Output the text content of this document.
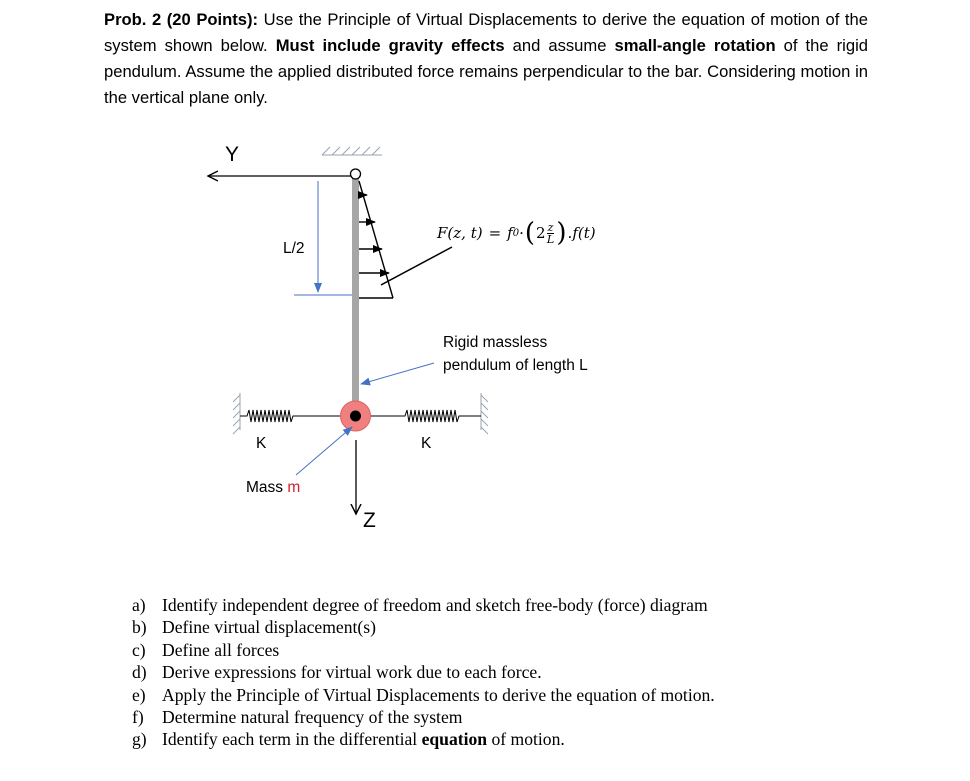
Prob. 2 (20 Points): Use the Principle of Virtual Displacements to derive the equation of motion of the system shown below. Must include gravity effects and assume small-angle rotation of the rigid pendulum. Assume the applied distributed force remains perpendicular to the bar. Considering motion in the vertical plane only.
Y
Z
L/2
K	K
Mass m
Rigid massless
pendulum of length L
F(z, t) = f 0 · ( $2 \frac{z}{L}$ ) .f(t)
a) Identify independent degree of freedom and sketch free-body (force) diagram
b) Define virtual displacement(s)
c) Define all forces
d) Derive expressions for virtual work due to each force.
e) Apply the Principle of Virtual Displacements to derive the equation of motion.
f)	Determine natural frequency of the system
g) Identify each term in the differential equation of motion.
